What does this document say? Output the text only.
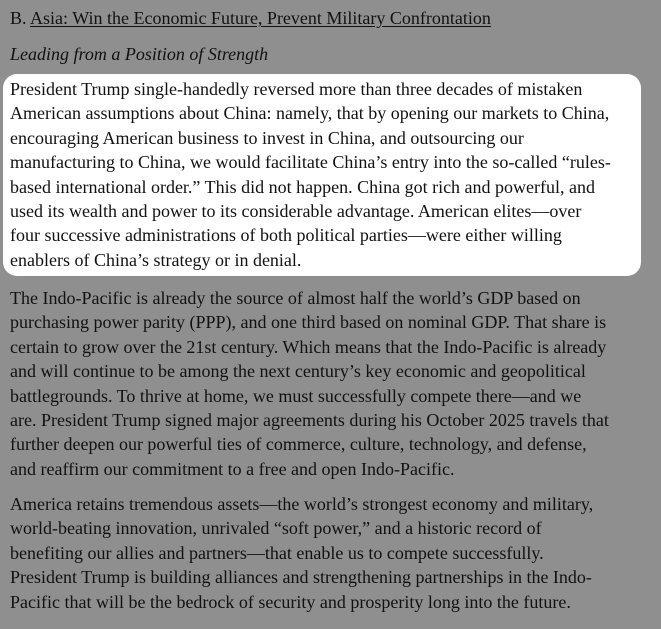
B. Asia: Win the Economic Future, Prevent Military Confrontation
Leading from a Position of Strength
President Trump single-handedly reversed more than three decades of mistaken
American assumptions about China: namely, that by opening our markets to China,
encouraging American business to invest in China, and outsourcing our
manufacturing to China, we would facilitate China’s entry into the so-called “rules-
based international order.” This did not happen. China got rich and powerful, and
used its wealth and power to its considerable advantage. American elites—over
four successive administrations of both political parties—were either willing
enablers of China’s strategy or in denial.
The Indo-Pacific is already the source of almost half the world’s GDP based on
purchasing power parity (PPP), and one third based on nominal GDP. That share is
certain to grow over the 21st century. Which means that the Indo-Pacific is already
and will continue to be among the next century’s key economic and geopolitical
battlegrounds. To thrive at home, we must successfully compete there—and we
are. President Trump signed major agreements during his October 2025 travels that
further deepen our powerful ties of commerce, culture, technology, and defense,
and reaffirm our commitment to a free and open Indo-Pacific.
America retains tremendous assets—the world’s strongest economy and military,
world-beating innovation, unrivaled “soft power,” and a historic record of
benefiting our allies and partners—that enable us to compete successfully.
President Trump is building alliances and strengthening partnerships in the Indo-
Pacific that will be the bedrock of security and prosperity long into the future.
